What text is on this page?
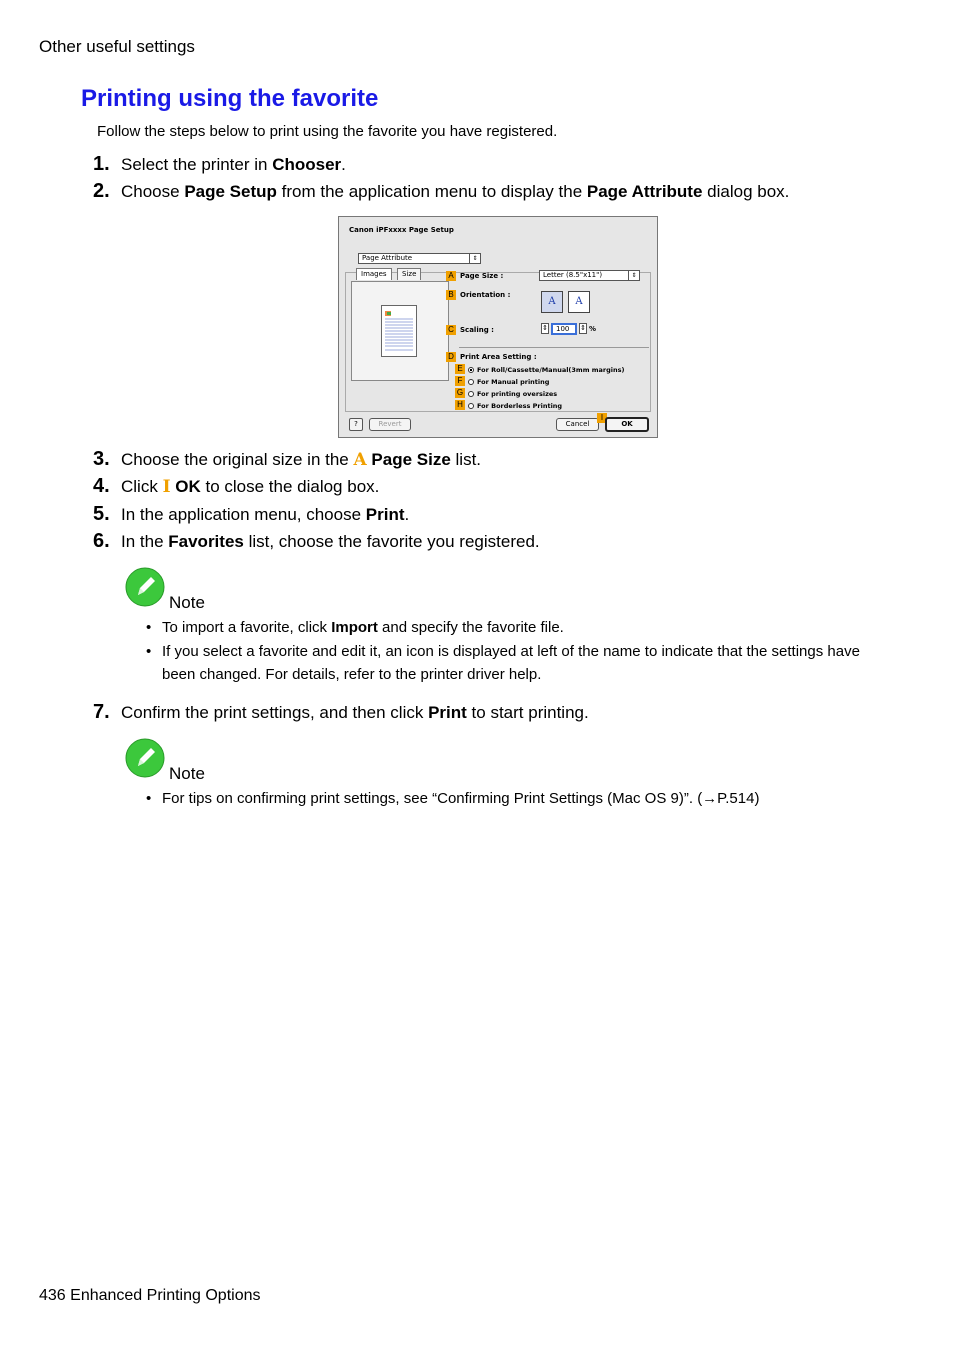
Other useful settings
Printing using the favorite
Follow the steps below to print using the favorite you have registered.
1. Select the printer in Chooser.
2. Choose Page Setup from the application menu to display the Page Attribute dialog box.
Canon iPFxxxx Page Setup
Page Attribute	⇕
Images	Size	A Page Size :	Letter (8.5"x11")	⇕
B Orientation :
A	A
C Scaling :	⇕	100	⇕ %
D Print Area Setting :
E	For Roll/Cassette/Manual(3mm margins)
F	For Manual printing
G For printing oversizes
H	For Borderless Printing
?	Revert	Cancel
I
OK
3. Choose the original size in the A Page Size list.
4. Click I OK to close the dialog box.
5. In the application menu, choose Print.
6. In the Favorites list, choose the favorite you registered.
Note
• To import a favorite, click Import and specify the favorite file.
• If you select a favorite and edit it, an icon is displayed at left of the name to indicate that the settings have been changed. For details, refer to the printer driver help.
7. Confirm the print settings, and then click Print to start printing.
Note
• For tips on confirming print settings, see “Confirming Print Settings (Mac OS 9)”. (→P.514)
436 Enhanced Printing Options
